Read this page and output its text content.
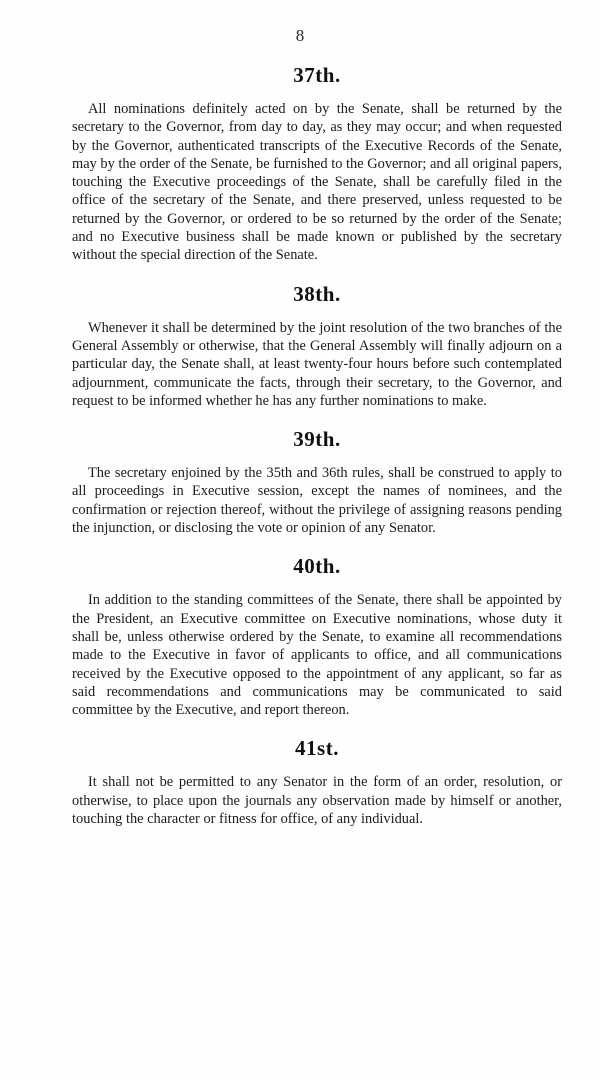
8
37th.

All nominations definitely acted on by the Senate, shall be returned by the secretary to the Governor, from day to day, as they may occur; and when requested by the Governor, authenticated transcripts of the Executive Records of the Senate, may by the order of the Senate, be furnished to the Governor; and all original papers, touching the Executive proceedings of the Senate, shall be carefully filed in the office of the secretary of the Senate, and there preserved, unless requested to be returned by the Governor, or ordered to be so returned by the order of the Senate; and no Executive business shall be made known or published by the secretary without the special direction of the Senate.

38th.

Whenever it shall be determined by the joint resolution of the two branches of the General Assembly or otherwise, that the General Assembly will finally adjourn on a particular day, the Senate shall, at least twenty-four hours before such contemplated adjournment, communicate the facts, through their secretary, to the Governor, and request to be informed whether he has any further nominations to make.

39th.

The secretary enjoined by the 35th and 36th rules, shall be construed to apply to all proceedings in Executive session, except the names of nominees, and the confirmation or rejection thereof, without the privilege of assigning reasons pending the injunction, or disclosing the vote or opinion of any Senator.

40th.

In addition to the standing committees of the Senate, there shall be appointed by the President, an Executive committee on Executive nominations, whose duty it shall be, unless otherwise ordered by the Senate, to examine all recommendations made to the Executive in favor of applicants to office, and all communications received by the Executive opposed to the appointment of any applicant, so far as said recommendations and communications may be communicated to said committee by the Executive, and report thereon.

41st.

It shall not be permitted to any Senator in the form of an order, resolution, or otherwise, to place upon the journals any observation made by himself or another, touching the character or fitness for office, of any individual.
